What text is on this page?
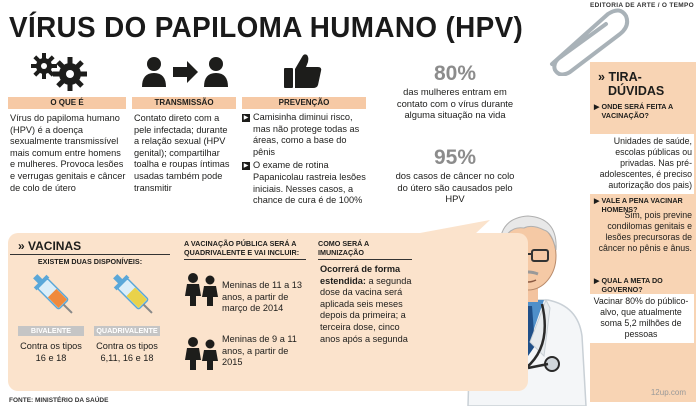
EDITORIA DE ARTE / O TEMPO
VÍRUS DO PAPILOMA HUMANO (HPV)
O QUE É
Vírus do papiloma humano (HPV) é a doença sexualmente transmissível mais comum entre homens e mulheres. Provoca lesões e verrugas genitais e câncer de colo de útero
TRANSMISSÃO
Contato direto com a pele infectada; durante a relação sexual (HPV genital); compartilhar toalha e roupas íntimas usadas também pode transmitir
PREVENÇÃO
▶ Camisinha diminui risco, mas não protege todas as áreas, como a base do pênis
▶ O exame de rotina Papanicolau rastreia lesões iniciais. Nesses casos, a chance de cura é de 100%
80%
das mulheres entram em contato com o vírus durante alguma situação na vida
95%
dos casos de câncer no colo do útero são causados pelo HPV
» TIRA-
DÚVIDAS
▶ ONDE SERÁ FEITA A VACINAÇÃO?
Unidades de saúde, escolas públicas ou privadas. Nas pré-adolescentes, é preciso autorização dos pais)
▶ VALE A PENA VACINAR HOMENS?
Sim, pois previne condilomas genitais e lesões precursoras de câncer no pênis e ânus.
▶ QUAL A META DO GOVERNO?
Vacinar 80% do público-alvo, que atualmente soma 5,2 milhões de pessoas
» VACINAS
EXISTEM DUAS DISPONÍVEIS:
BIVALENTE
Contra os tipos 16 e 18
QUADRIVALENTE
Contra os tipos 6,11, 16 e 18
A VACINAÇÃO PÚBLICA SERÁ A QUADRIVALENTE E VAI INCLUIR:
Meninas de 11 a 13 anos, a partir de março de 2014
Meninas de 9 a 11 anos, a partir de 2015
COMO SERÁ A IMUNIZAÇÃO
Ocorrerá de forma estendida: a segunda dose da vacina será aplicada seis meses depois da primeira; a terceira dose, cinco anos após a segunda
FONTE: MINISTÉRIO DA SAÚDE
12up.com
